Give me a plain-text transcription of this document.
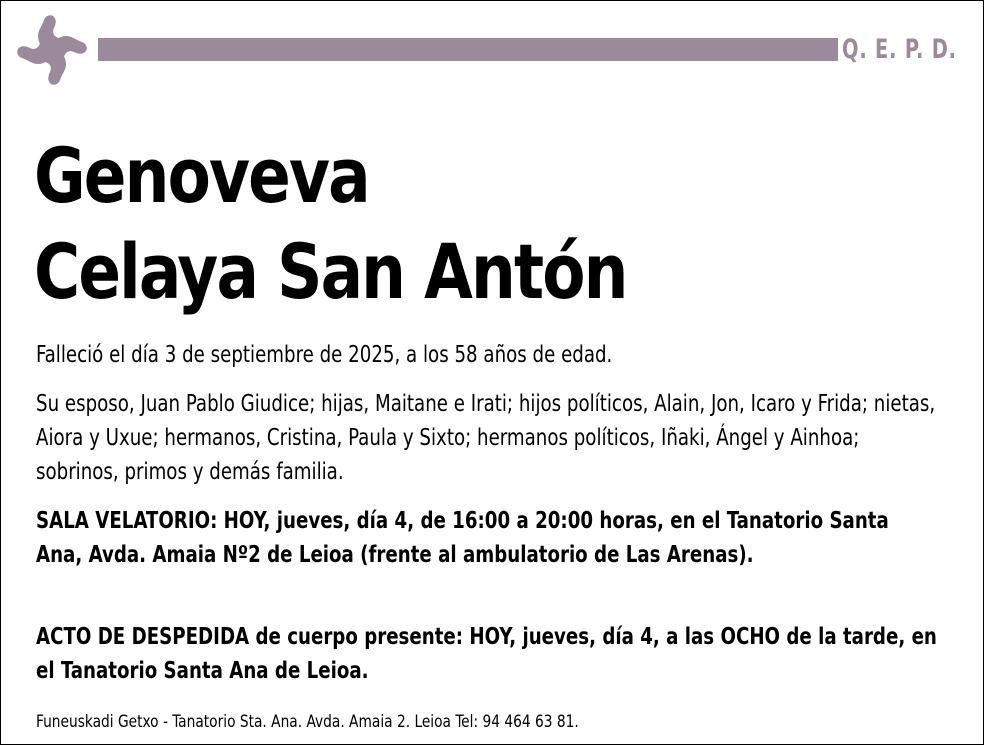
Q. E. P. D.
Genoveva
Celaya San Antón
Falleció el día 3 de septiembre de 2025, a los 58 años de edad.
Su esposo, Juan Pablo Giudice; hijas, Maitane e Irati; hijos políticos, Alain, Jon, Icaro y Frida; nietas, Aiora y Uxue; hermanos, Cristina, Paula y Sixto; hermanos políticos, Iñaki, Ángel y Ainhoa; sobrinos, primos y demás familia.
SALA VELATORIO: HOY, jueves, día 4, de 16:00 a 20:00 horas, en el Tanatorio Santa Ana, Avda. Amaia Nº2 de Leioa (frente al ambulatorio de Las Arenas).
ACTO DE DESPEDIDA de cuerpo presente: HOY, jueves, día 4, a las OCHO de la tarde, en el Tanatorio Santa Ana de Leioa.
Funeuskadi Getxo - Tanatorio Sta. Ana. Avda. Amaia 2. Leioa Tel: 94 464 63 81.
